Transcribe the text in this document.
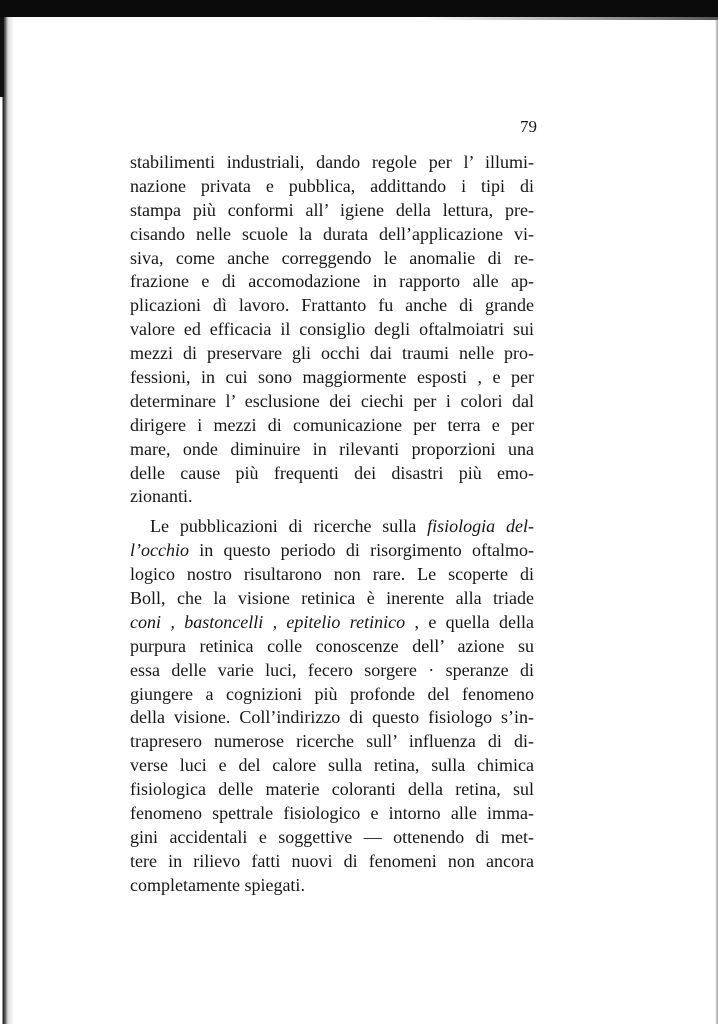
79
stabilimenti industriali, dando regole per l’ illumi-
nazione privata e pubblica, addittando i tipi di
stampa più conformi all’ igiene della lettura, pre-
cisando nelle scuole la durata dell’applicazione vi-
siva, come anche correggendo le anomalie di re-
frazione e di accomodazione in rapporto alle ap-
plicazioni dì lavoro. Frattanto fu anche di grande
valore ed efficacia il consiglio degli oftalmoiatri sui
mezzi di preservare gli occhi dai traumi nelle pro-
fessioni, in cui sono maggiormente esposti , e per
determinare l’ esclusione dei ciechi per i colori dal
dirigere i mezzi di comunicazione per terra e per
mare, onde diminuire in rilevanti proporzioni una
delle cause più frequenti dei disastri più emo-
zionanti.
Le pubblicazioni di ricerche sulla fisiologia del-
l’occhio in questo periodo di risorgimento oftalmo-
logico nostro risultarono non rare. Le scoperte di
Boll, che la visione retinica è inerente alla triade
coni , bastoncelli , epitelio retinico , e quella della
purpura retinica colle conoscenze dell’ azione su
essa delle varie luci, fecero sorgere · speranze di
giungere a cognizioni più profonde del fenomeno
della visione. Coll’indirizzo di questo fisiologo s’in-
trapresero numerose ricerche sull’ influenza di di-
verse luci e del calore sulla retina, sulla chimica
fisiologica delle materie coloranti della retina, sul
fenomeno spettrale fisiologico e intorno alle imma-
gini accidentali e soggettive — ottenendo di met-
tere in rilievo fatti nuovi di fenomeni non ancora
completamente spiegati.
